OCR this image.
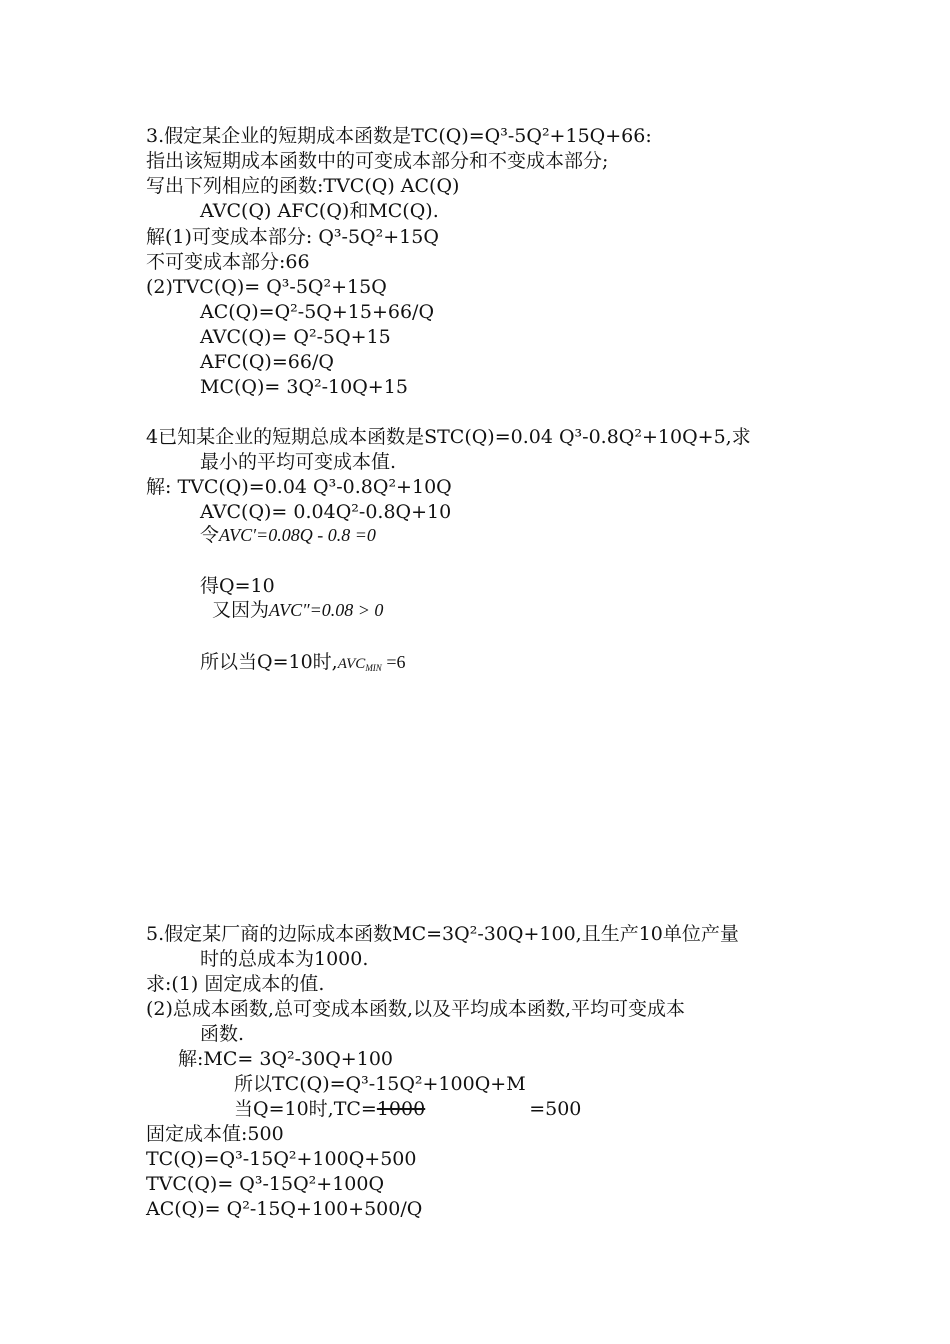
3.假定某企业的短期成本函数是TC(Q)=Q³-5Q²+15Q+66:
指出该短期成本函数中的可变成本部分和不变成本部分;
写出下列相应的函数:TVC(Q) AC(Q)
AVC(Q) AFC(Q)和MC(Q).
解(1)可变成本部分: Q³-5Q²+15Q
不可变成本部分:66
(2)TVC(Q)= Q³-5Q²+15Q
AC(Q)=Q²-5Q+15+66/Q
AVC(Q)= Q²-5Q+15
AFC(Q)=66/Q
MC(Q)= 3Q²-10Q+15
4已知某企业的短期总成本函数是STC(Q)=0.04 Q³-0.8Q²+10Q+5,求
最小的平均可变成本值.
解: TVC(Q)=0.04 Q³-0.8Q²+10Q
AVC(Q)= 0.04Q²-0.8Q+10
令AVC′=0.08Q - 0.8 =0
得Q=10
又因为AVC″=0.08 > 0
所以当Q=10时$,AVC_{MIN} =6$
5.假定某厂商的边际成本函数MC=3Q²-30Q+100,且生产10单位产量
时的总成本为1000.
求:(1) 固定成本的值.
(2)总成本函数,总可变成本函数,以及平均成本函数,平均可变成本
函数.
解:MC= 3Q²-30Q+100
所以TC(Q)=Q³-15Q²+100Q+M
当Q=10时,TC=1000	=500
固定成本值:500
TC(Q)=Q³-15Q²+100Q+500
TVC(Q)= Q³-15Q²+100Q
AC(Q)= Q²-15Q+100+500/Q
